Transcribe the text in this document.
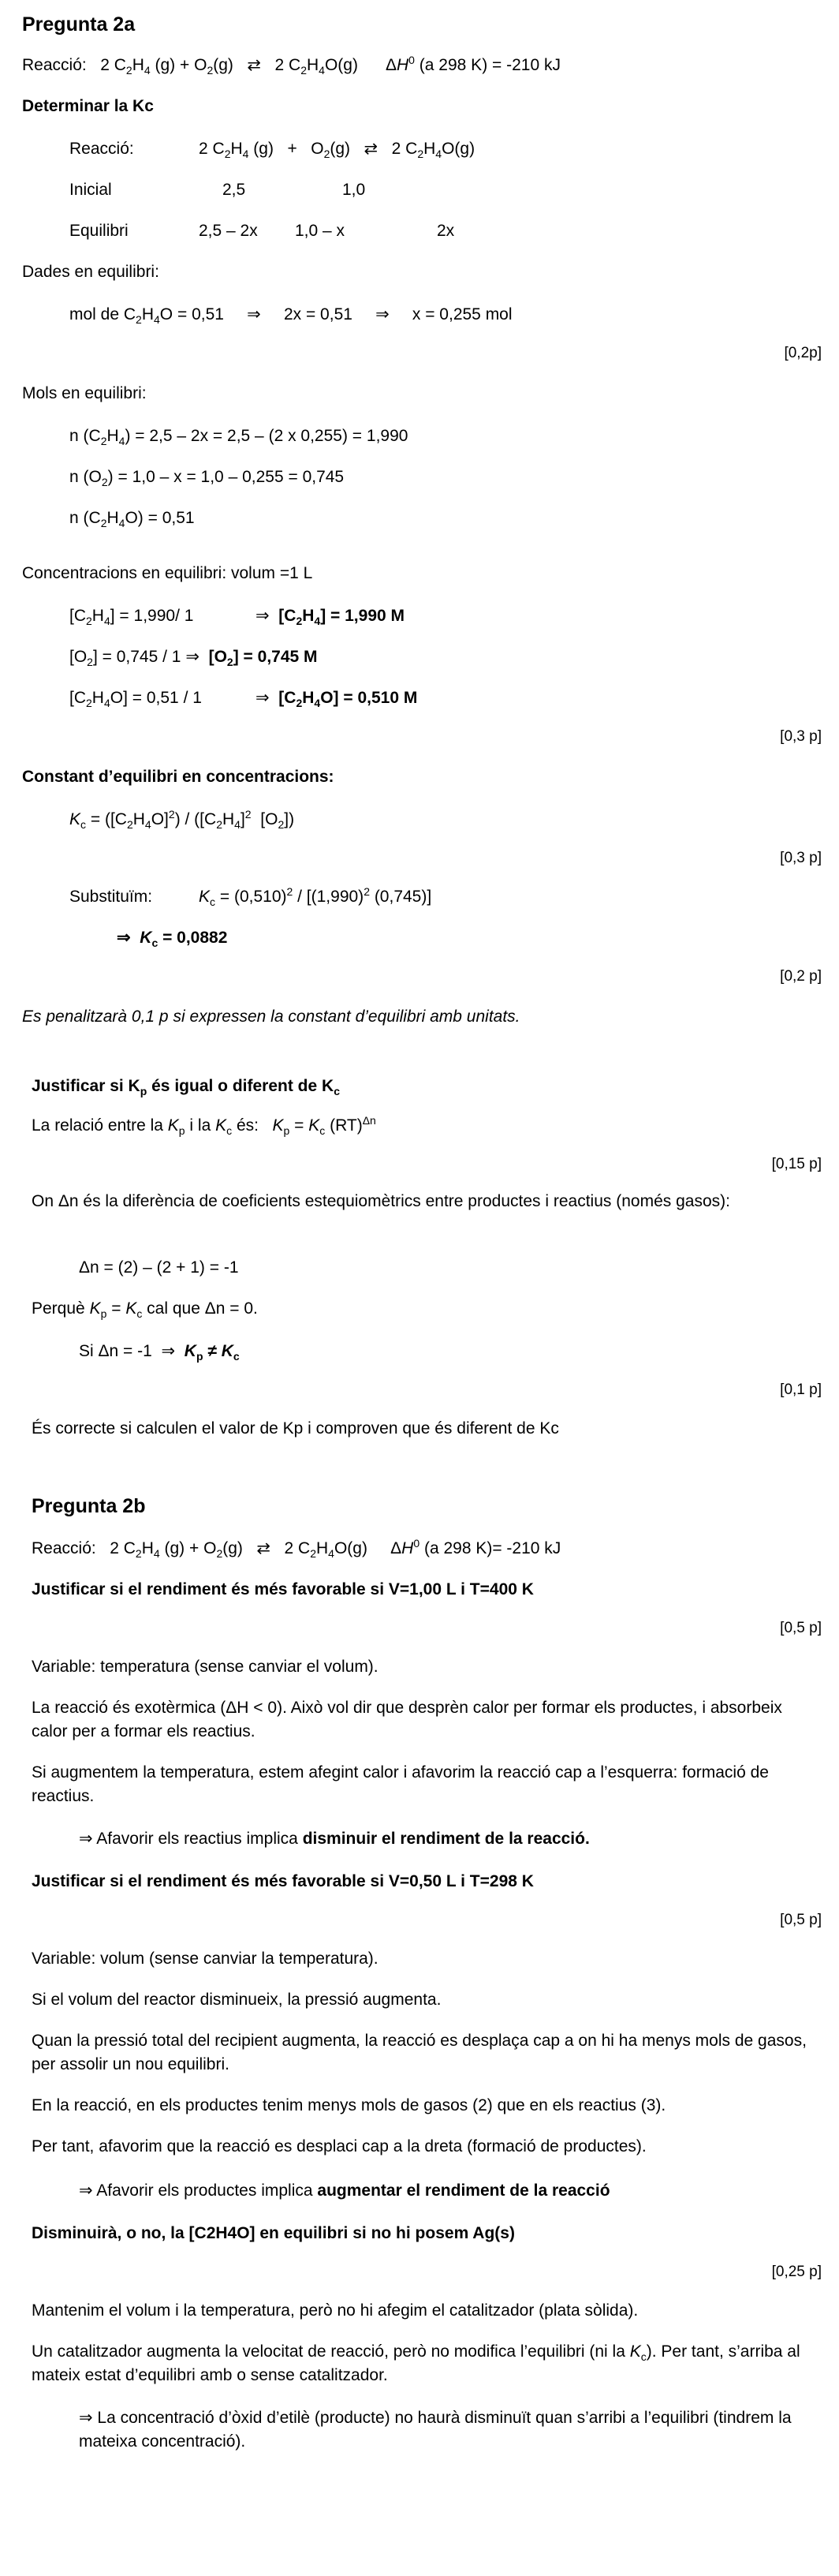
Pregunta 2a
Reacció:   2 $C_2H_4$ $(g) + O_2(g)$   ⇄   2 $C_2H_4O(g)$      $\Delta H^0$ (a 298 K) = -210 kJ
Determinar la Kc
Reacció:	2 $C_2H_4$ $(g) + O_2(g)$   ⇄   2 $C_2H_4O(g)$
Inicial	2,5	1,0
Equilibri	2,5 – 2x 1,0 – x	2x
Dades en equilibri:
mol de $C_2H_4O = 0,51$ ⇒ 2x = 0,51     ⇒     x = 0,255 mol
[0,2p]
Mols en equilibri:
n $(C_2H_4) = 2,5 - 2x = 2,5 - (2$ x 0,255) = 1,990
n $(O_2) = 1,0 - x = 1,0 - 0,255 = 0,745$
n $(C_2H_4O) = 0,51$
Concentracions en equilibri: volum =1 L
$[C_2H_4] = 1,990/$ 1	⇒  $[C_2H_4] = 1,990$ M
$[O_2] = 0,745 / 1$ ⇒  $[O_2] = 0,745$ M
$[C_2H_4O] = 0,51 / 1$	⇒  $[C_2H_4O] = 0,510$ M
[0,3 p]
Constant d’equilibri en concentracions:
$K_c = ([C_2H_4O]^2) / ([C_2H_4]^2$  $[O_2]$)
[0,3 p]
Substituïm:	$K_c = (0,510)^2 / [(1,990)^2$ (0,745)]
⇒  $K_c = 0,0882$
[0,2 p]
Es penalitzarà 0,1 p si expressen la constant d’equilibri amb unitats.
Justificar si $K_p$ és igual o diferent de $K_c$
La relació entre la $K_p$ i la $K_c$ és: $K_p = K_c$ (RT)$^{\Delta n}$
[0,15 p]
On Δn és la diferència de coeficients estequiomètrics entre productes i reactius (només gasos):
Δn = (2) – (2 + 1) = -1
Perquè $K_p = K_c$ cal que Δn = 0.
Si Δn = -1  ⇒  $K_p \ne K_c$
[0,1 p]
És correcte si calculen el valor de Kp i comproven que és diferent de Kc
Pregunta 2b
Reacció:   2 $C_2H_4$ $(g) + O_2(g)$   ⇄   2 $C_2H_4O(g)$     $\Delta H^0$ (a 298 K)= -210 kJ
Justificar si el rendiment és més favorable si V=1,00 L i T=400 K
[0,5 p]
Variable: temperatura (sense canviar el volum).
La reacció és exotèrmica (ΔH < 0). Això vol dir que desprèn calor per formar els productes, i absorbeix calor per a formar els reactius.
Si augmentem la temperatura, estem afegint calor i afavorim la reacció cap a l’esquerra: formació de reactius.
⇒ Afavorir els reactius implica disminuir el rendiment de la reacció.
Justificar si el rendiment és més favorable si V=0,50 L i T=298 K
[0,5 p]
Variable: volum (sense canviar la temperatura).
Si el volum del reactor disminueix, la pressió augmenta.
Quan la pressió total del recipient augmenta, la reacció es desplaça cap a on hi ha menys mols de gasos, per assolir un nou equilibri.
En la reacció, en els productes tenim menys mols de gasos (2) que en els reactius (3).
Per tant, afavorim que la reacció es desplaci cap a la dreta (formació de productes).
⇒ Afavorir els productes implica augmentar el rendiment de la reacció
Disminuirà, o no, la [C2H4O] en equilibri si no hi posem Ag(s)
[0,25 p]
Mantenim el volum i la temperatura, però no hi afegim el catalitzador (plata sòlida).
Un catalitzador augmenta la velocitat de reacció, però no modifica l’equilibri (ni la $K_c$). Per tant, s’arriba al mateix estat d’equilibri amb o sense catalitzador.
⇒ La concentració d’òxid d’etilè (producte) no haurà disminuït quan s’arribi a l’equilibri (tindrem la mateixa concentració).
